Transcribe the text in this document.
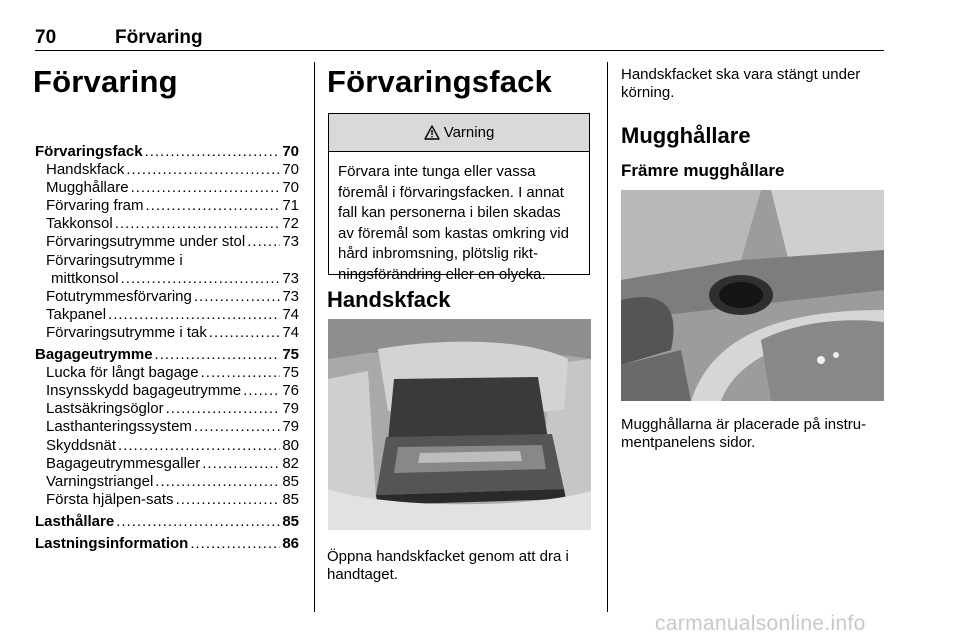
70	Förvaring
Förvaring
Förvaringsfack .....	70
Handskfack .....	70
Mugghållare .....	70
Förvaring fram .....	71
Takkonsol .....	72
Förvaringsutrymme under stol ..... 73
Förvaringsutrymme i
mittkonsol .....	73
Fotutrymmesförvaring .....	73
Takpanel .....	74
Förvaringsutrymme i tak .....	74
Bagageutrymme .....	75
Lucka för långt bagage .....	75
Insynsskydd bagageutrymme .....	76
Lastsäkringsöglor .....	79
Lasthanteringssystem .....	79
Skyddsnät .....	80
Bagageutrymmesgaller .....	82
Varningstriangel .....	85
Första hjälpen-sats .....	85
Lasthållare .....	85
Lastningsinformation .....	86
Förvaringsfack
Varning
Förvara inte tunga eller vassa
föremål i förvaringsfacken. I annat
fall kan personerna i bilen skadas
av föremål som kastas omkring vid
hård inbromsning, plötslig rikt-
ningsförändring eller en olycka.
Handskfack
Öppna handskfacket genom att dra i
handtaget.
Handskfacket ska vara stängt under
körning.
Mugghållare
Främre mugghållare
Mugghållarna är placerade på instru-
mentpanelens sidor.
carmanualsonline.info
